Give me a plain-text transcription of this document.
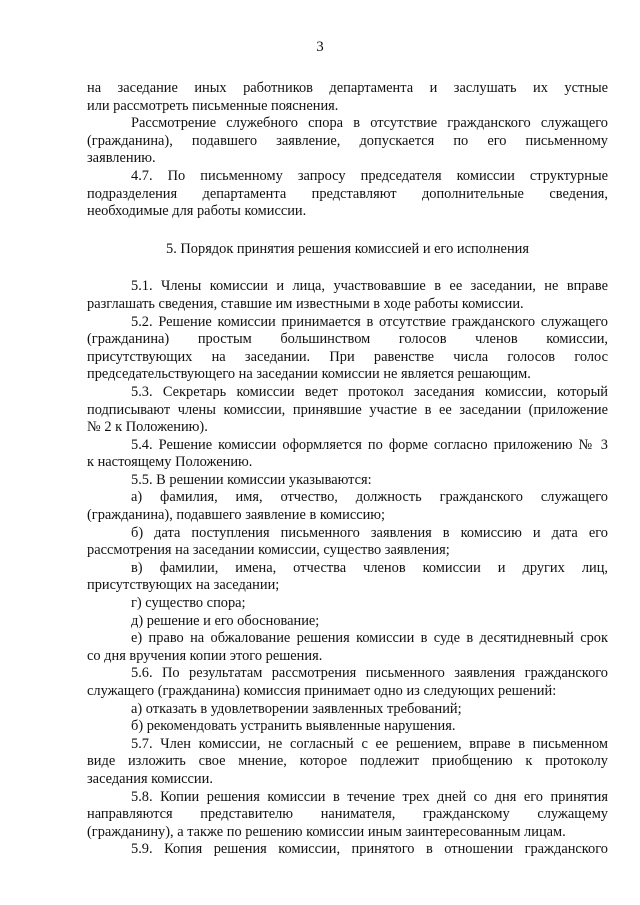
3
на заседание иных работников департамента и заслушать их устные
или рассмотреть письменные пояснения.
Рассмотрение служебного спора в отсутствие гражданского служащего
(гражданина), подавшего заявление, допускается по его письменному
заявлению.
4.7. По письменному запросу председателя комиссии структурные
подразделения департамента представляют дополнительные сведения,
необходимые для работы комиссии.
5. Порядок принятия решения комиссией и его исполнения
5.1. Члены комиссии и лица, участвовавшие в ее заседании, не вправе
разглашать сведения, ставшие им известными в ходе работы комиссии.
5.2. Решение комиссии принимается в отсутствие гражданского служащего
(гражданина) простым большинством голосов членов комиссии,
присутствующих на заседании. При равенстве числа голосов голос
председательствующего на заседании комиссии не является решающим.
5.3. Секретарь комиссии ведет протокол заседания комиссии, который
подписывают члены комиссии, принявшие участие в ее заседании (приложение
№ 2 к Положению).
5.4. Решение комиссии оформляется по форме согласно приложению № 3
к настоящему Положению.
5.5. В решении комиссии указываются:
а) фамилия, имя, отчество, должность гражданского служащего
(гражданина), подавшего заявление в комиссию;
б) дата поступления письменного заявления в комиссию и дата его
рассмотрения на заседании комиссии, существо заявления;
в) фамилии, имена, отчества членов комиссии и других лиц,
присутствующих на заседании;
г) существо спора;
д) решение и его обоснование;
е) право на обжалование решения комиссии в суде в десятидневный срок
со дня вручения копии этого решения.
5.6. По результатам рассмотрения письменного заявления гражданского
служащего (гражданина) комиссия принимает одно из следующих решений:
а) отказать в удовлетворении заявленных требований;
б) рекомендовать устранить выявленные нарушения.
5.7. Член комиссии, не согласный с ее решением, вправе в письменном
виде изложить свое мнение, которое подлежит приобщению к протоколу
заседания комиссии.
5.8. Копии решения комиссии в течение трех дней со дня его принятия
направляются представителю нанимателя, гражданскому служащему
(гражданину), а также по решению комиссии иным заинтересованным лицам.
5.9. Копия решения комиссии, принятого в отношении гражданского
